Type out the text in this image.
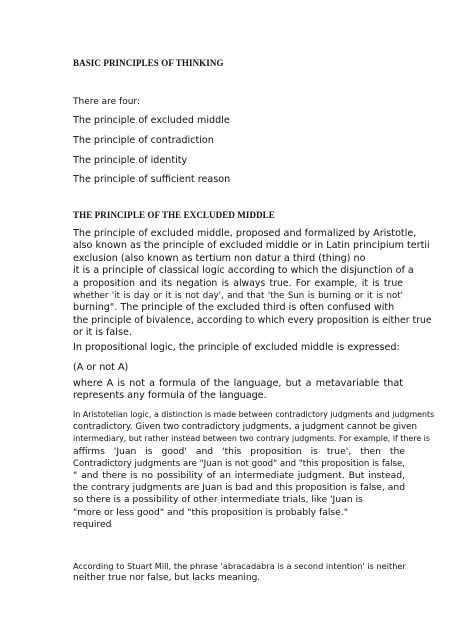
BASIC PRINCIPLES OF THINKING
There are four:
The principle of excluded middle
The principle of contradiction
The principle of identity
The principle of sufficient reason
THE PRINCIPLE OF THE EXCLUDED MIDDLE
The principle of excluded middle, proposed and formalized by Aristotle,
also known as the principle of excluded middle or in Latin principium tertii
exclusion (also known as tertium non datur a third (thing) no
it is a principle of classical logic according to which the disjunction of a
a proposition and its negation is always true. For example, it is true
whether 'it is day or it is not day', and that 'the Sun is burning or it is not'
burning". The principle of the excluded third is often confused with
the principle of bivalence, according to which every proposition is either true
or it is false.
In propositional logic, the principle of excluded middle is expressed:
(A or not A)
where A is not a formula of the language, but a metavariable that
represents any formula of the language.
In Aristotelian logic, a distinction is made between contradictory judgments and judgments
contradictory. Given two contradictory judgments, a judgment cannot be given
intermediary, but rather instead between two contrary judgments. For example, if there is
affirms 'Juan is good' and 'this proposition is true', then the
Contradictory judgments are "Juan is not good" and "this proposition is false,
" and there is no possibility of an intermediate judgment. But instead,
the contrary judgments are Juan is bad and this proposition is false, and
so there is a possibility of other intermediate trials, like 'Juan is
"more or less good" and "this proposition is probably false."
required
According to Stuart Mill, the phrase 'abracadabra is a second intention' is neither
neither true nor false, but lacks meaning.
